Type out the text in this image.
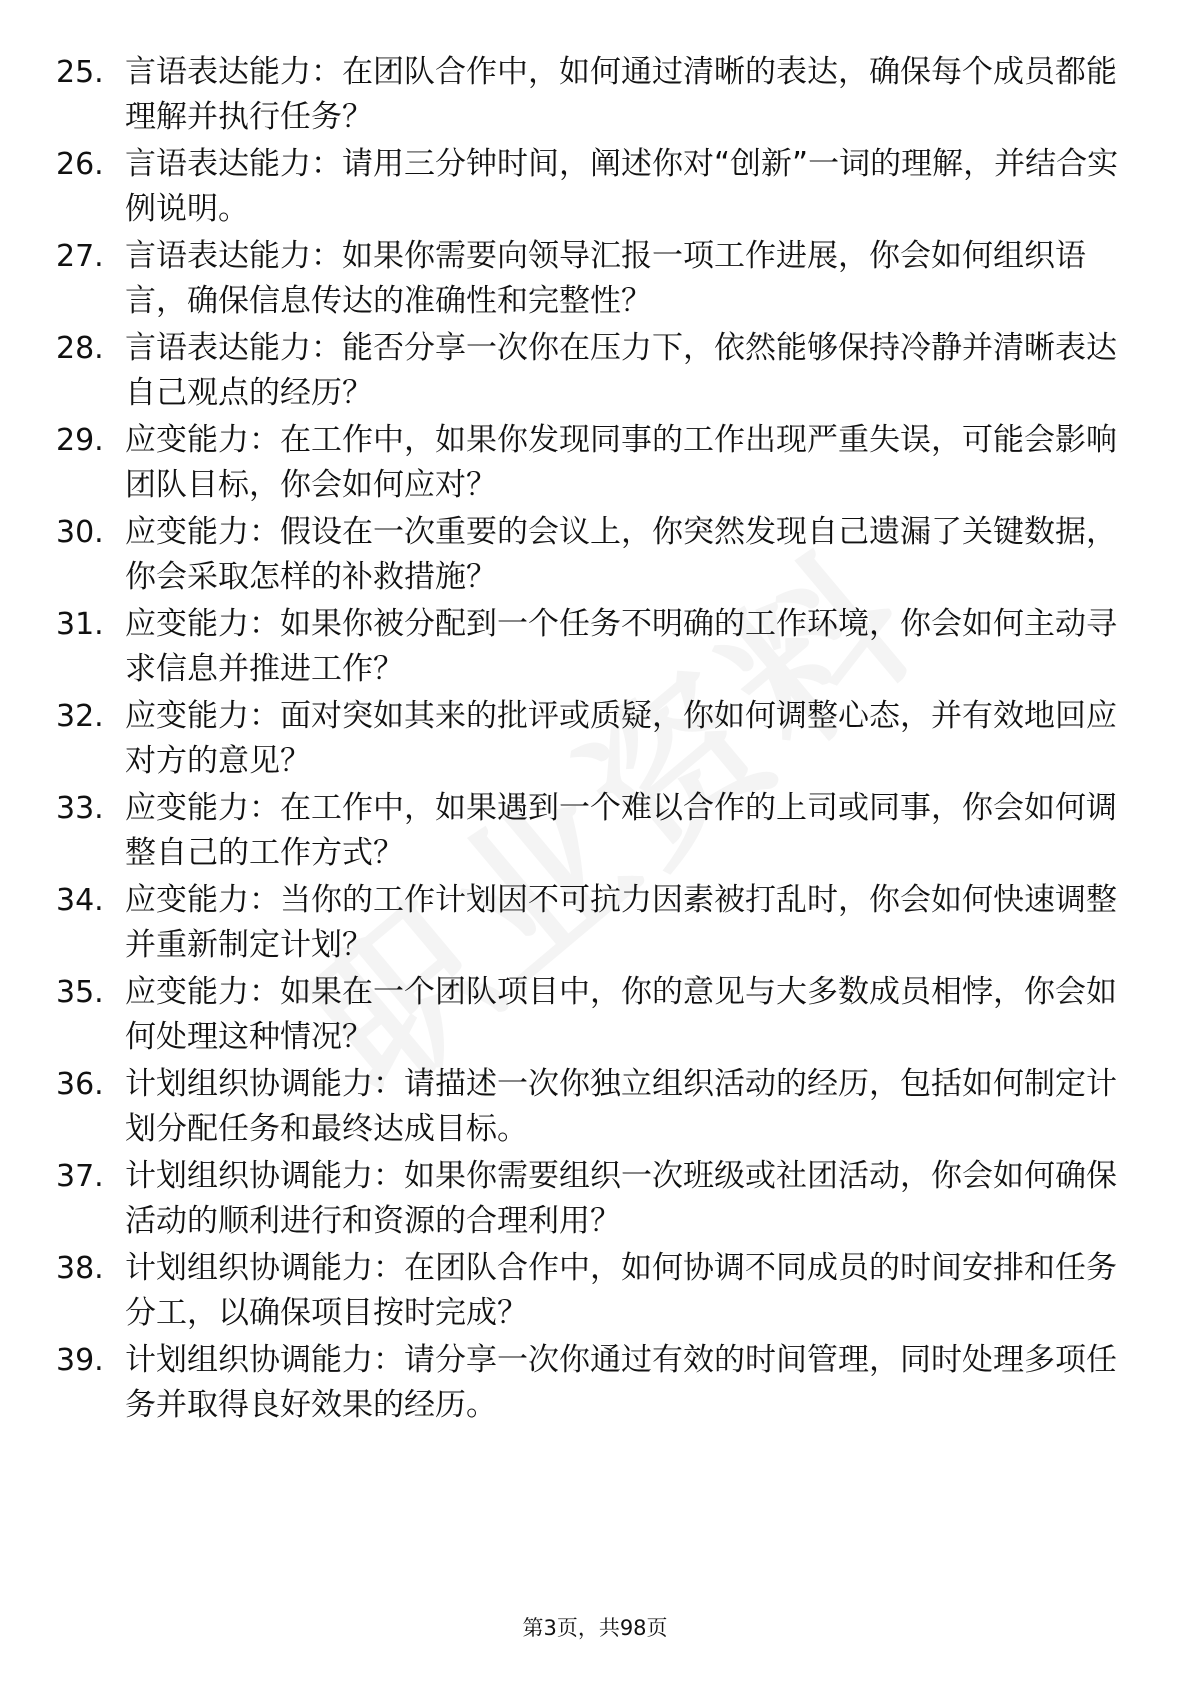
25. 言语表达能力：在团队合作中，如何通过清晰的表达，确保每个成员都能理解并执行任务？
26. 言语表达能力：请用三分钟时间，阐述你对“创新”一词的理解，并结合实例说明。
27. 言语表达能力：如果你需要向领导汇报一项工作进展，你会如何组织语言，确保信息传达的准确性和完整性？
28. 言语表达能力：能否分享一次你在压力下，依然能够保持冷静并清晰表达自己观点的经历？
29. 应变能力：在工作中，如果你发现同事的工作出现严重失误，可能会影响团队目标，你会如何应对？
30. 应变能力：假设在一次重要的会议上，你突然发现自己遗漏了关键数据，你会采取怎样的补救措施？
31. 应变能力：如果你被分配到一个任务不明确的工作环境，你会如何主动寻求信息并推进工作？
32. 应变能力：面对突如其来的批评或质疑，你如何调整心态，并有效地回应对方的意见？
33. 应变能力：在工作中，如果遇到一个难以合作的上司或同事，你会如何调整自己的工作方式？
34. 应变能力：当你的工作计划因不可抗力因素被打乱时，你会如何快速调整并重新制定计划？
35. 应变能力：如果在一个团队项目中，你的意见与大多数成员相悖，你会如何处理这种情况？
36. 计划组织协调能力：请描述一次你独立组织活动的经历，包括如何制定计划分配任务和最终达成目标。
37. 计划组织协调能力：如果你需要组织一次班级或社团活动，你会如何确保活动的顺利进行和资源的合理利用？
38. 计划组织协调能力：在团队合作中，如何协调不同成员的时间安排和任务分工，以确保项目按时完成？
39. 计划组织协调能力：请分享一次你通过有效的时间管理，同时处理多项任务并取得良好效果的经历。
第3页，共98页
